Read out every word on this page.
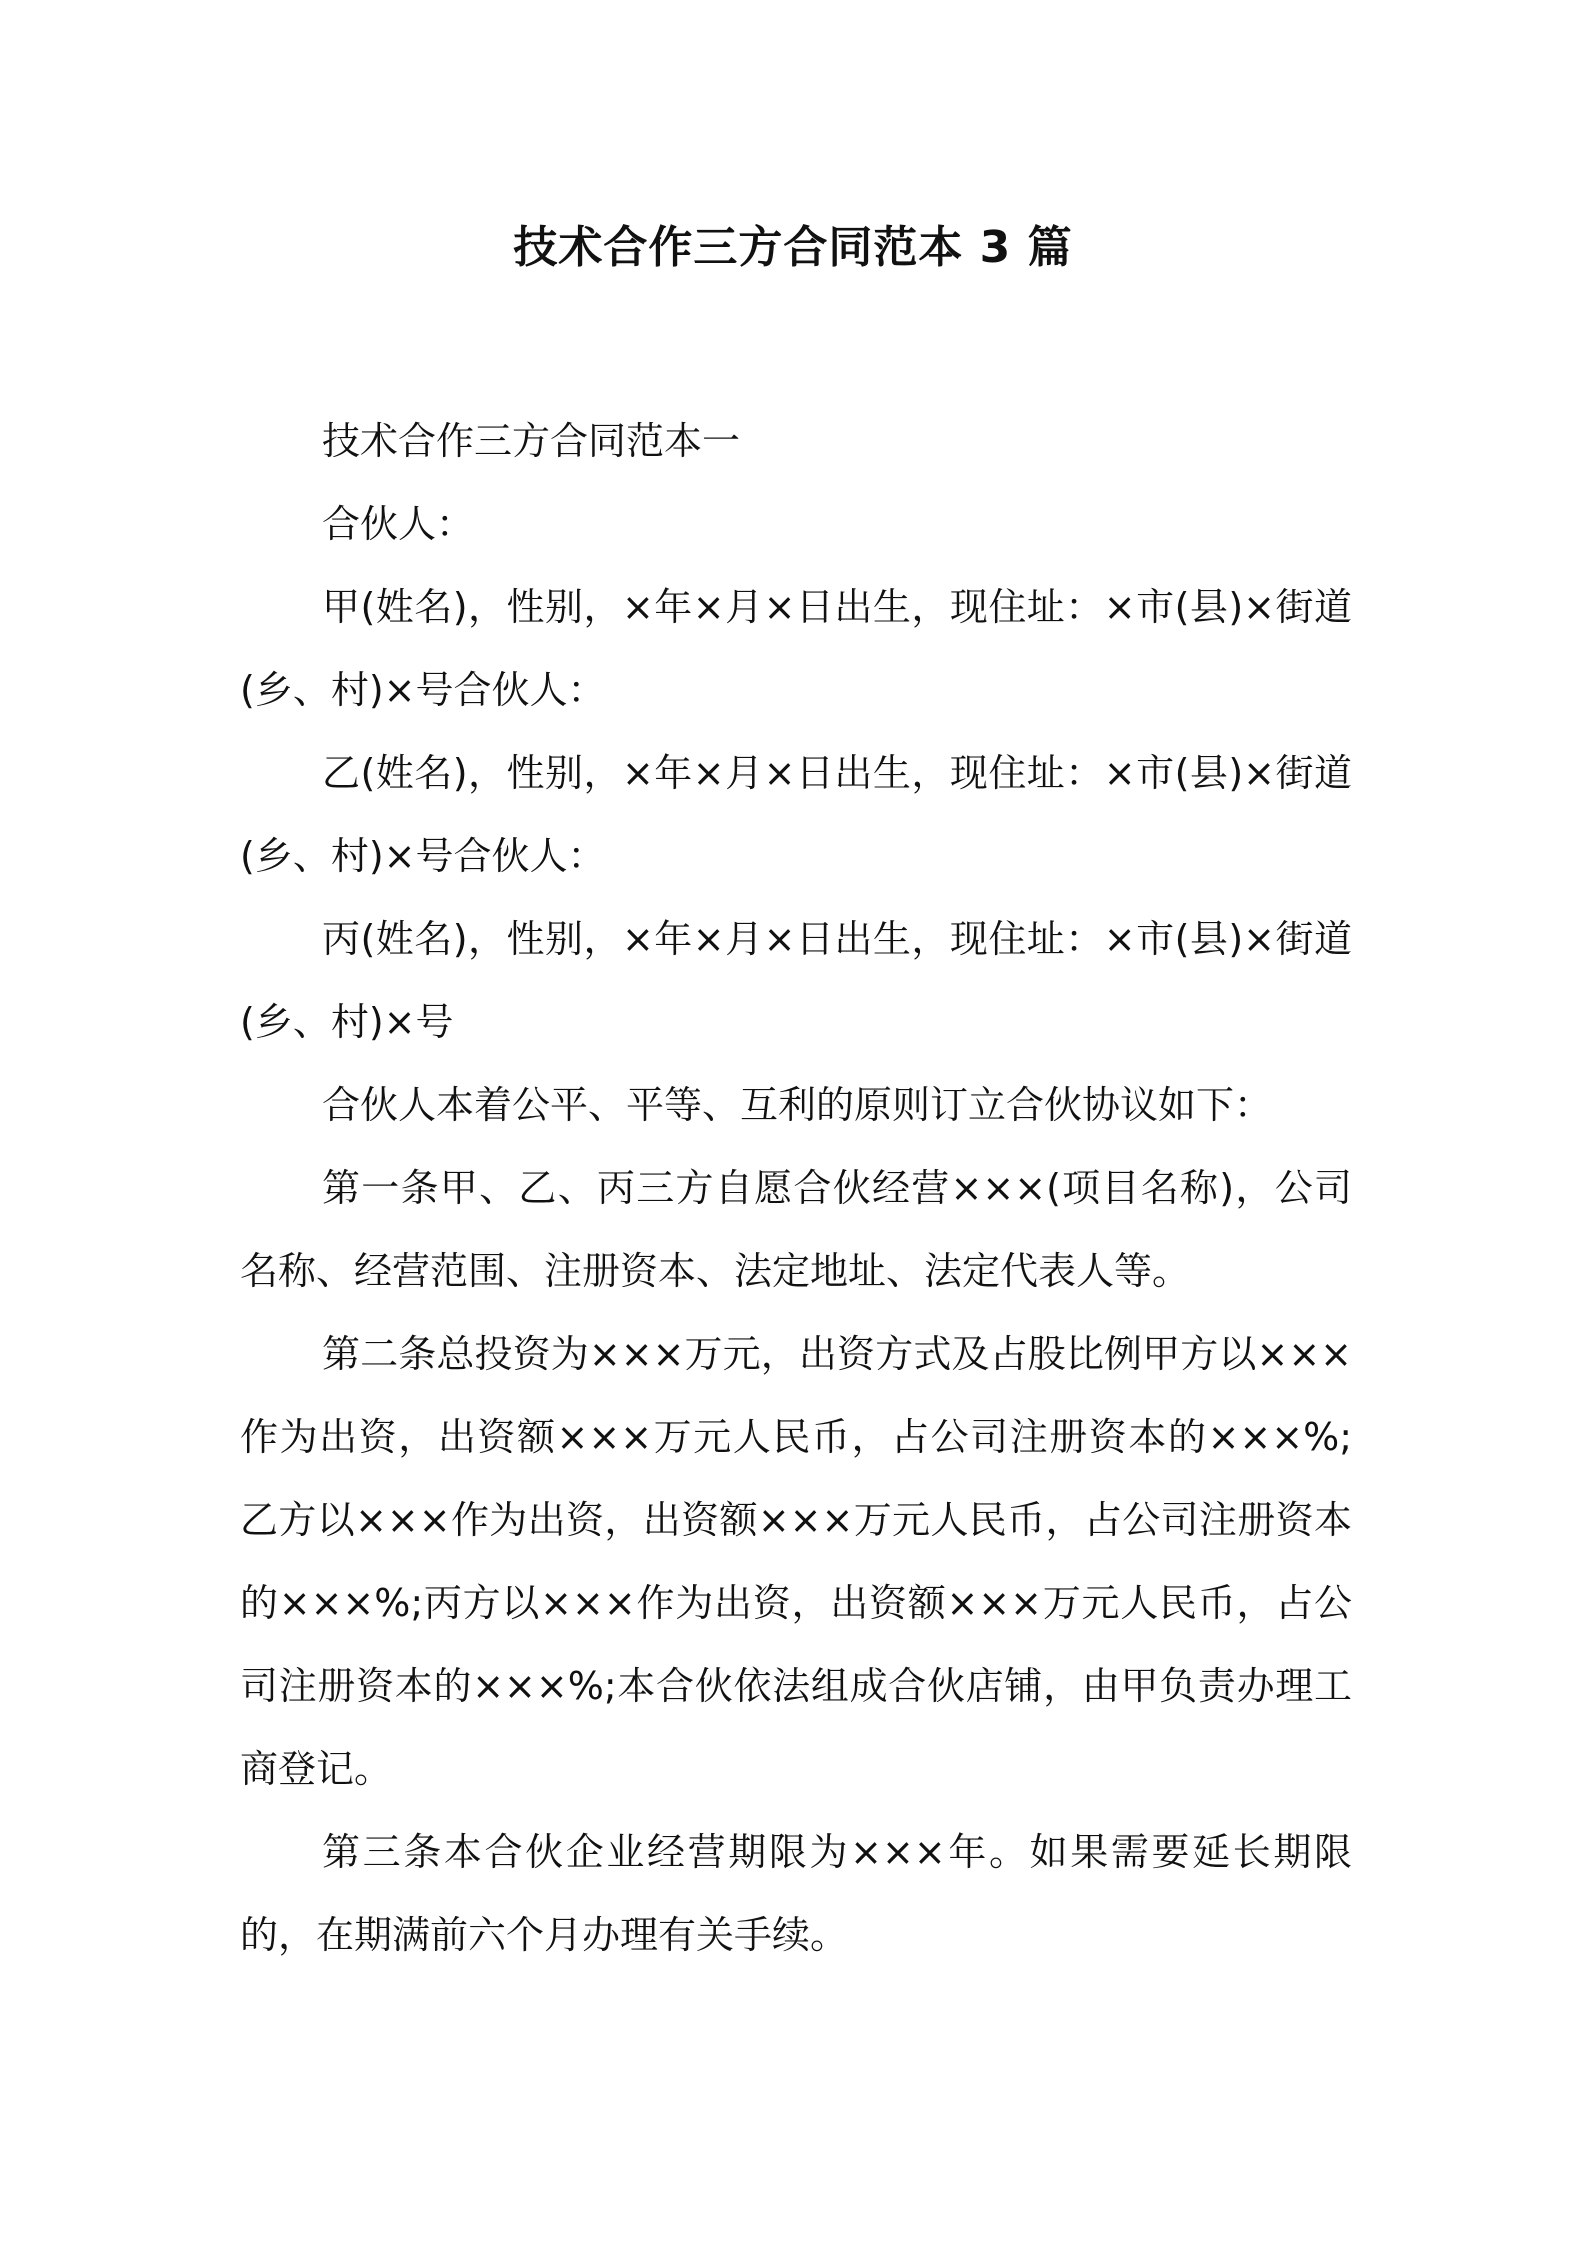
技术合作三方合同范本 3 篇

技术合作三方合同范本一

合伙人：

甲(姓名)，性别，×年×月×日出生，现住址：×市(县)×街道(乡、村)×号合伙人：

乙(姓名)，性别，×年×月×日出生，现住址：×市(县)×街道(乡、村)×号合伙人：

丙(姓名)，性别，×年×月×日出生，现住址：×市(县)×街道(乡、村)×号

合伙人本着公平、平等、互利的原则订立合伙协议如下：

第一条甲、乙、丙三方自愿合伙经营×××(项目名称)，公司名称、经营范围、注册资本、法定地址、法定代表人等。

第二条总投资为×××万元，出资方式及占股比例甲方以×××作为出资，出资额×××万元人民币，占公司注册资本的×××%;乙方以×××作为出资，出资额×××万元人民币，占公司注册资本的×××%;丙方以×××作为出资，出资额×××万元人民币，占公司注册资本的×××%;本合伙依法组成合伙店铺，由甲负责办理工商登记。

第三条本合伙企业经营期限为×××年。如果需要延长期限的，在期满前六个月办理有关手续。
